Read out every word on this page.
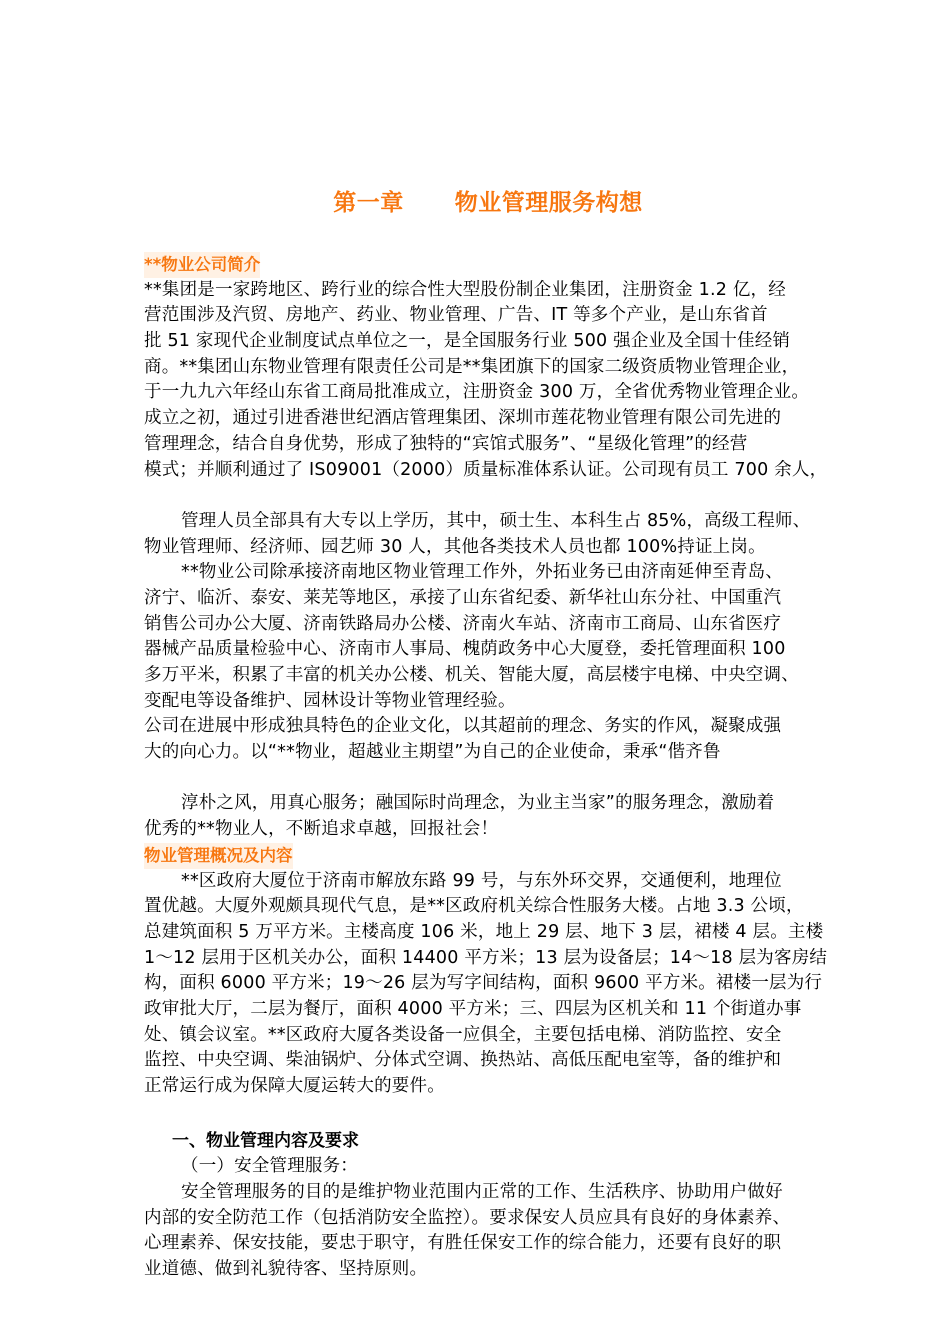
第一章      物业管理服务构想
**物业公司简介
**集团是一家跨地区、跨行业的综合性大型股份制企业集团，注册资金 1.2 亿，经
营范围涉及汽贸、房地产、药业、物业管理、广告、IT 等多个产业，是山东省首
批 51 家现代企业制度试点单位之一，是全国服务行业 500 强企业及全国十佳经销
商。**集团山东物业管理有限责任公司是**集团旗下的国家二级资质物业管理企业，
于一九九六年经山东省工商局批准成立，注册资金 300 万，全省优秀物业管理企业。
成立之初，通过引进香港世纪酒店管理集团、深圳市莲花物业管理有限公司先进的
管理理念，结合自身优势，形成了独特的“宾馆式服务”、“星级化管理”的经营
模式；并顺利通过了 IS09001（2000）质量标准体系认证。公司现有员工 700 余人，
管理人员全部具有大专以上学历，其中，硕士生、本科生占 85%，高级工程师、
物业管理师、经济师、园艺师 30 人，其他各类技术人员也都 100%持证上岗。
**物业公司除承接济南地区物业管理工作外，外拓业务已由济南延伸至青岛、
济宁、临沂、泰安、莱芜等地区，承接了山东省纪委、新华社山东分社、中国重汽
销售公司办公大厦、济南铁路局办公楼、济南火车站、济南市工商局、山东省医疗
器械产品质量检验中心、济南市人事局、槐荫政务中心大厦登，委托管理面积 100
多万平米，积累了丰富的机关办公楼、机关、智能大厦，高层楼宇电梯、中央空调、
变配电等设备维护、园林设计等物业管理经验。
公司在进展中形成独具特色的企业文化，以其超前的理念、务实的作风，凝聚成强
大的向心力。以“**物业，超越业主期望”为自己的企业使命，秉承“偕齐鲁
淳朴之风，用真心服务；融国际时尚理念，为业主当家”的服务理念，激励着
优秀的**物业人，不断追求卓越，回报社会！
物业管理概况及内容
**区政府大厦位于济南市解放东路 99 号，与东外环交界，交通便利，地理位
置优越。大厦外观颇具现代气息，是**区政府机关综合性服务大楼。占地 3.3 公顷，
总建筑面积 5 万平方米。主楼高度 106 米，地上 29 层、地下 3 层，裙楼 4 层。主楼
1～12 层用于区机关办公，面积 14400 平方米；13 层为设备层；14～18 层为客房结
构，面积 6000 平方米；19～26 层为写字间结构，面积 9600 平方米。裙楼一层为行
政审批大厅，二层为餐厅，面积 4000 平方米；三、四层为区机关和 11 个街道办事
处、镇会议室。**区政府大厦各类设备一应俱全，主要包括电梯、消防监控、安全
监控、中央空调、柴油锅炉、分体式空调、换热站、高低压配电室等，备的维护和
正常运行成为保障大厦运转大的要件。
一、物业管理内容及要求
（一）安全管理服务：
安全管理服务的目的是维护物业范围内正常的工作、生活秩序、协助用户做好
内部的安全防范工作（包括消防安全监控）。要求保安人员应具有良好的身体素养、
心理素养、保安技能，要忠于职守，有胜任保安工作的综合能力，还要有良好的职
业道德、做到礼貌待客、坚持原则。
